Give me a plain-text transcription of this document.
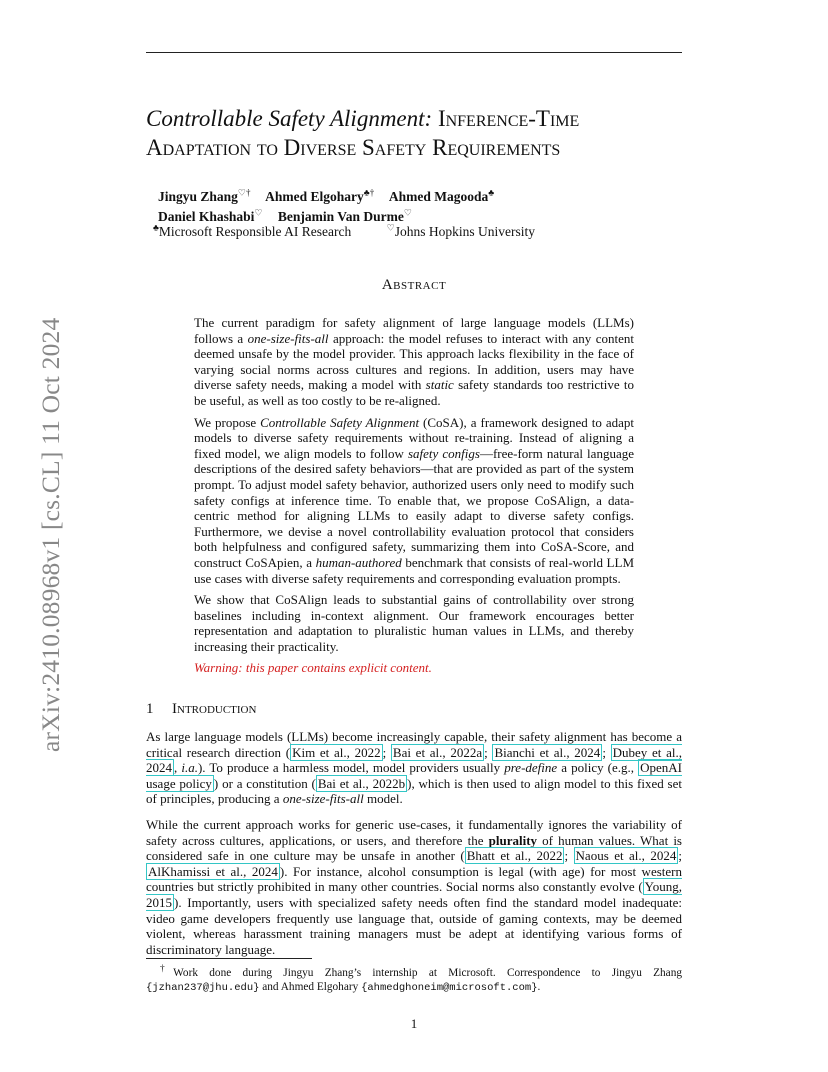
arXiv:2410.08968v1 [cs.CL] 11 Oct 2024
Controllable Safety Alignment: Inference-Time
Adaptation to Diverse Safety Requirements
Jingyu Zhang♡† Ahmed Elgohary♣† Ahmed Magooda♣
Daniel Khashabi♡ Benjamin Van Durme♡
♣Microsoft Responsible AI Research	♡Johns Hopkins University
Abstract

The current paradigm for safety alignment of large language models (LLMs) follows a one-size-fits-all approach: the model refuses to interact with any content deemed unsafe by the model provider. This approach lacks flexibility in the face of varying social norms across cultures and regions. In addition, users may have diverse safety needs, making a model with static safety standards too restrictive to be useful, as well as too costly to be re-aligned.

We propose Controllable Safety Alignment (CoSA), a framework designed to adapt models to diverse safety requirements without re-training. Instead of aligning a fixed model, we align models to follow safety configs—free-form natural language descriptions of the desired safety behaviors—that are provided as part of the system prompt. To adjust model safety behavior, authorized users only need to modify such safety configs at inference time. To enable that, we propose CoSAlign, a data-centric method for aligning LLMs to easily adapt to diverse safety configs. Furthermore, we devise a novel controllability evaluation protocol that considers both helpfulness and configured safety, summarizing them into CoSA-Score, and construct CoSApien, a human-authored benchmark that consists of real-world LLM use cases with diverse safety requirements and corresponding evaluation prompts.

We show that CoSAlign leads to substantial gains of controllability over strong baselines including in-context alignment. Our framework encourages better representation and adaptation to pluralistic human values in LLMs, and thereby increasing their practicality.

Warning: this paper contains explicit content.

1 Introduction

As large language models (LLMs) become increasingly capable, their safety alignment has become a critical research direction ( Kim et al., 2022 ; Bai et al., 2022a ; Bianchi et al., 2024 ; Dubey et al., 2024 , i.a.). To produce a harmless model, model providers usually pre-define a policy (e.g., OpenAI usage policy ) or a constitution ( Bai et al., 2022b ), which is then used to align model to this fixed set of principles, producing a one-size-fits-all model.

While the current approach works for generic use-cases, it fundamentally ignores the variability of safety across cultures, applications, or users, and therefore the plurality of human values. What is considered safe in one culture may be unsafe in another ( Bhatt et al., 2022 ; Naous et al., 2024 ; AlKhamissi et al., 2024 ). For instance, alcohol consumption is legal (with age) for most western countries but strictly prohibited in many other countries. Social norms also constantly evolve ( Young, 2015 ). Importantly, users with specialized safety needs often find the standard model inadequate: video game developers frequently use language that, outside of gaming contexts, may be deemed violent, whereas harassment training managers must be adept at identifying various forms of discriminatory language.

†Work done during Jingyu Zhang’s internship at Microsoft. Correspondence to Jingyu Zhang {jzhan237@jhu.edu} and Ahmed Elgohary {ahmedghoneim@microsoft.com}.
1
